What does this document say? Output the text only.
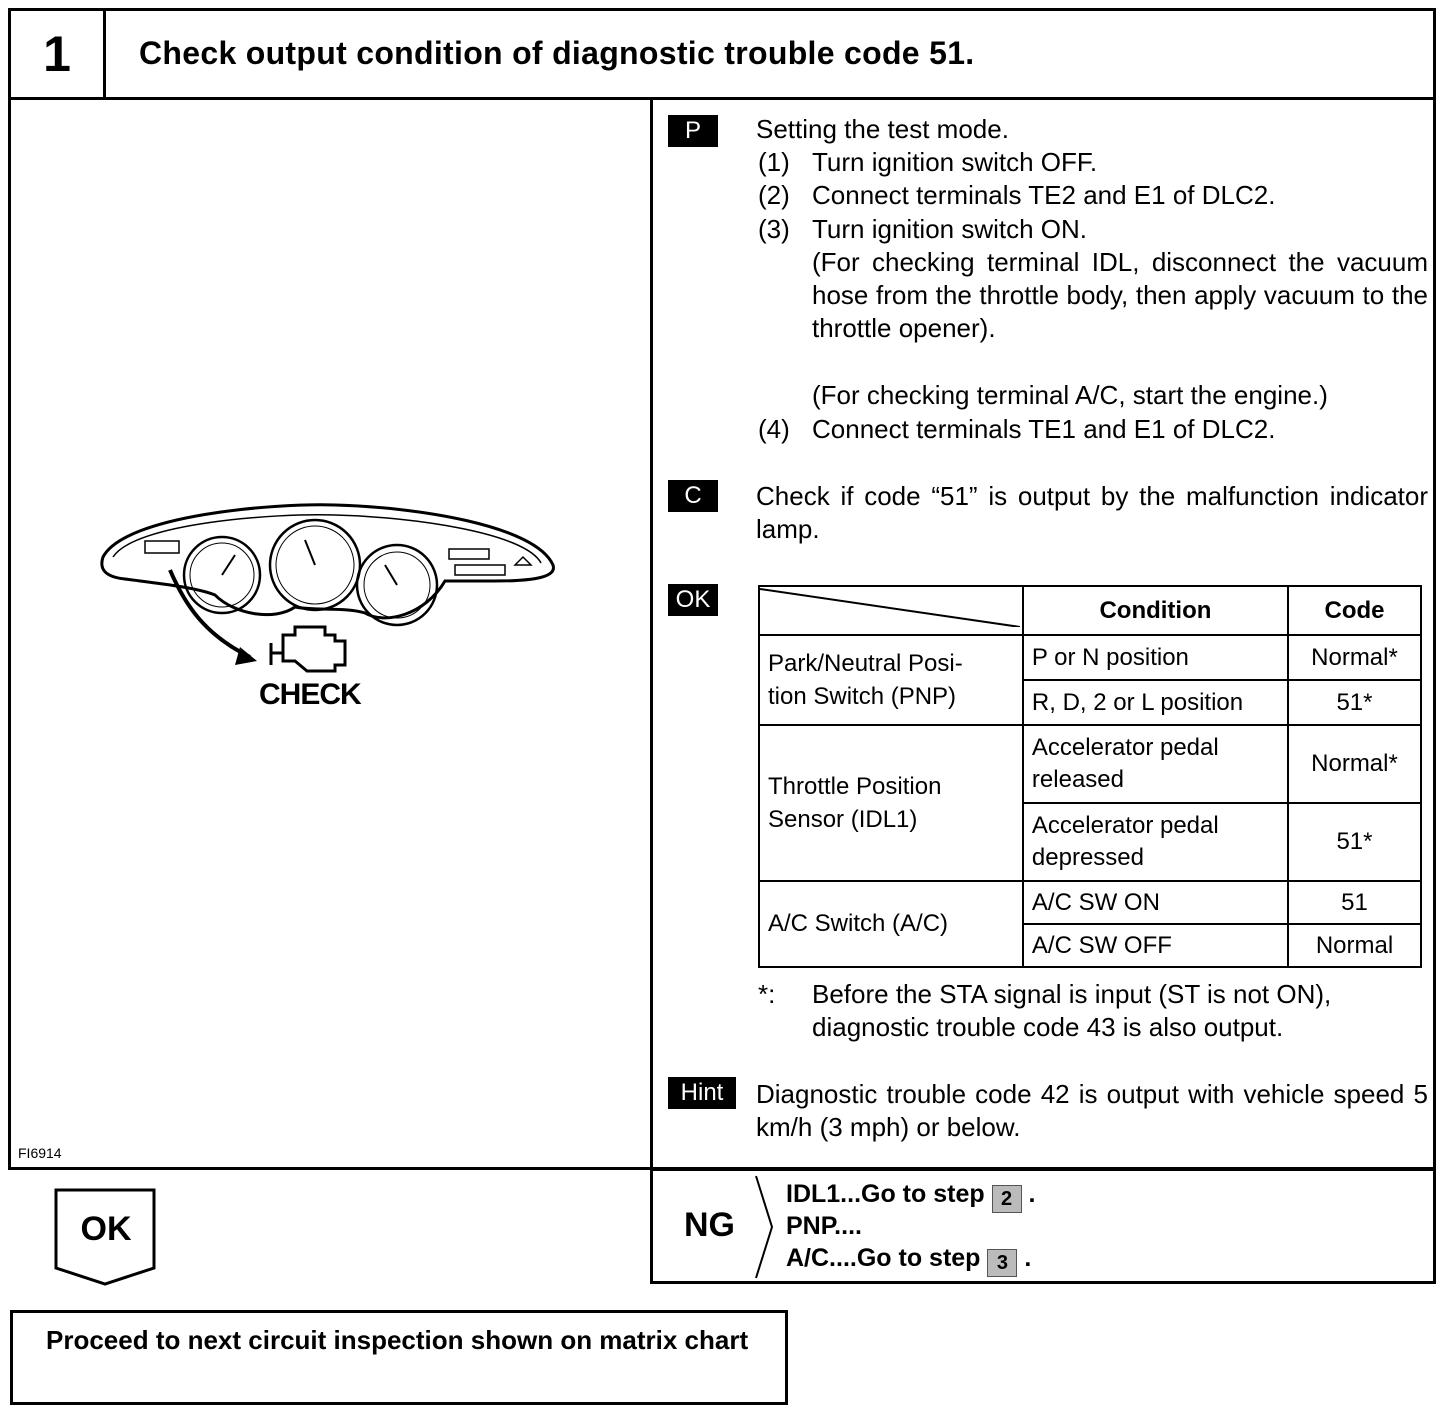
1	Check output condition of diagnostic trouble code 51.
CHECK
FI6914
P	Setting the test mode.
(1) Turn ignition switch OFF.
(2) Connect terminals TE2 and E1 of DLC2.
(3) Turn ignition switch ON.
(For checking terminal IDL, disconnect the vacuum hose from the throttle body, then apply vacuum to the throttle opener).
(For checking terminal A/C, start the engine.)
(4) Connect terminals TE1 and E1 of DLC2.
C	Check if code “51” is output by the malfunction indicator lamp.
OK
		Condition	Code

Park/Neutral Posi-tion Switch (PNP)	P or N position	Normal*
	R, D, 2 or L position	51*

Throttle Position Sensor (IDL1)	Accelerator pedal released	Normal*

	Accelerator pedal depressed	51*
A/C Switch (A/C)	A/C SW ON	51
	A/C SW OFF	Normal
*: Before the STA signal is input (ST is not ON), diagnostic trouble code 43 is also output.
Hint	Diagnostic trouble code 42 is output with vehicle speed 5 km/h (3 mph) or below.
NG
IDL1...Go to step 2 .
PNP....
A/C....Go to step 3 .
OK
Proceed to next circuit inspection shown on matrix chart
